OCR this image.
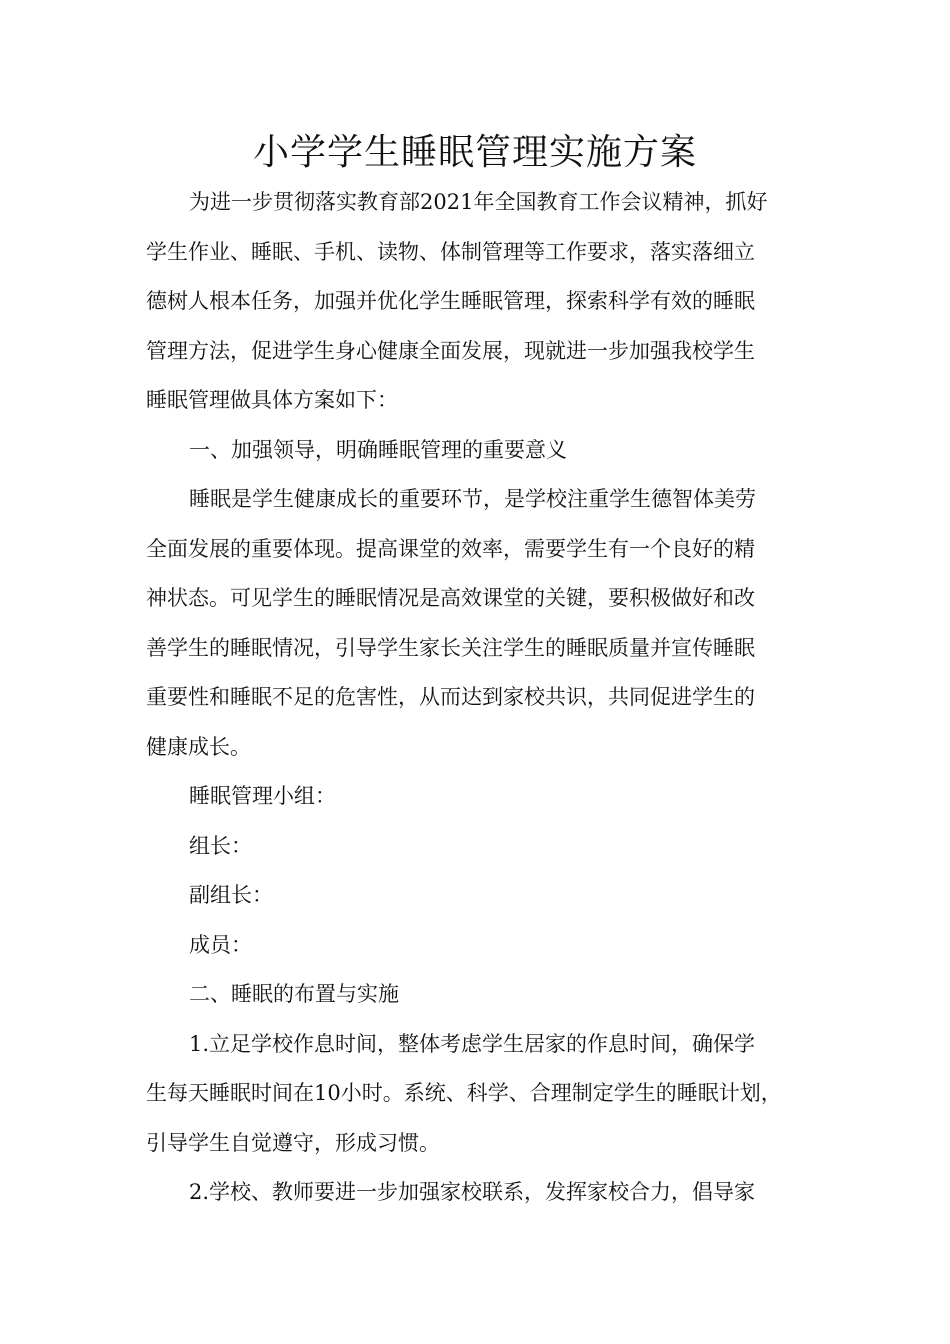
小学学生睡眠管理实施方案
为进一步贯彻落实教育部2021年全国教育工作会议精神，抓好
学生作业、睡眠、手机、读物、体制管理等工作要求，落实落细立
德树人根本任务，加强并优化学生睡眠管理，探索科学有效的睡眠
管理方法，促进学生身心健康全面发展，现就进一步加强我校学生
睡眠管理做具体方案如下：
一、加强领导，明确睡眠管理的重要意义
睡眠是学生健康成长的重要环节，是学校注重学生德智体美劳
全面发展的重要体现。提高课堂的效率，需要学生有一个良好的精
神状态。可见学生的睡眠情况是高效课堂的关键，要积极做好和改
善学生的睡眠情况，引导学生家长关注学生的睡眠质量并宣传睡眠
重要性和睡眠不足的危害性，从而达到家校共识，共同促进学生的
健康成长。
睡眠管理小组：
组长：
副组长：
成员：
二、睡眠的布置与实施
1.立足学校作息时间，整体考虑学生居家的作息时间，确保学
生每天睡眠时间在10小时。系统、科学、合理制定学生的睡眠计划，
引导学生自觉遵守，形成习惯。
2.学校、教师要进一步加强家校联系，发挥家校合力，倡导家
